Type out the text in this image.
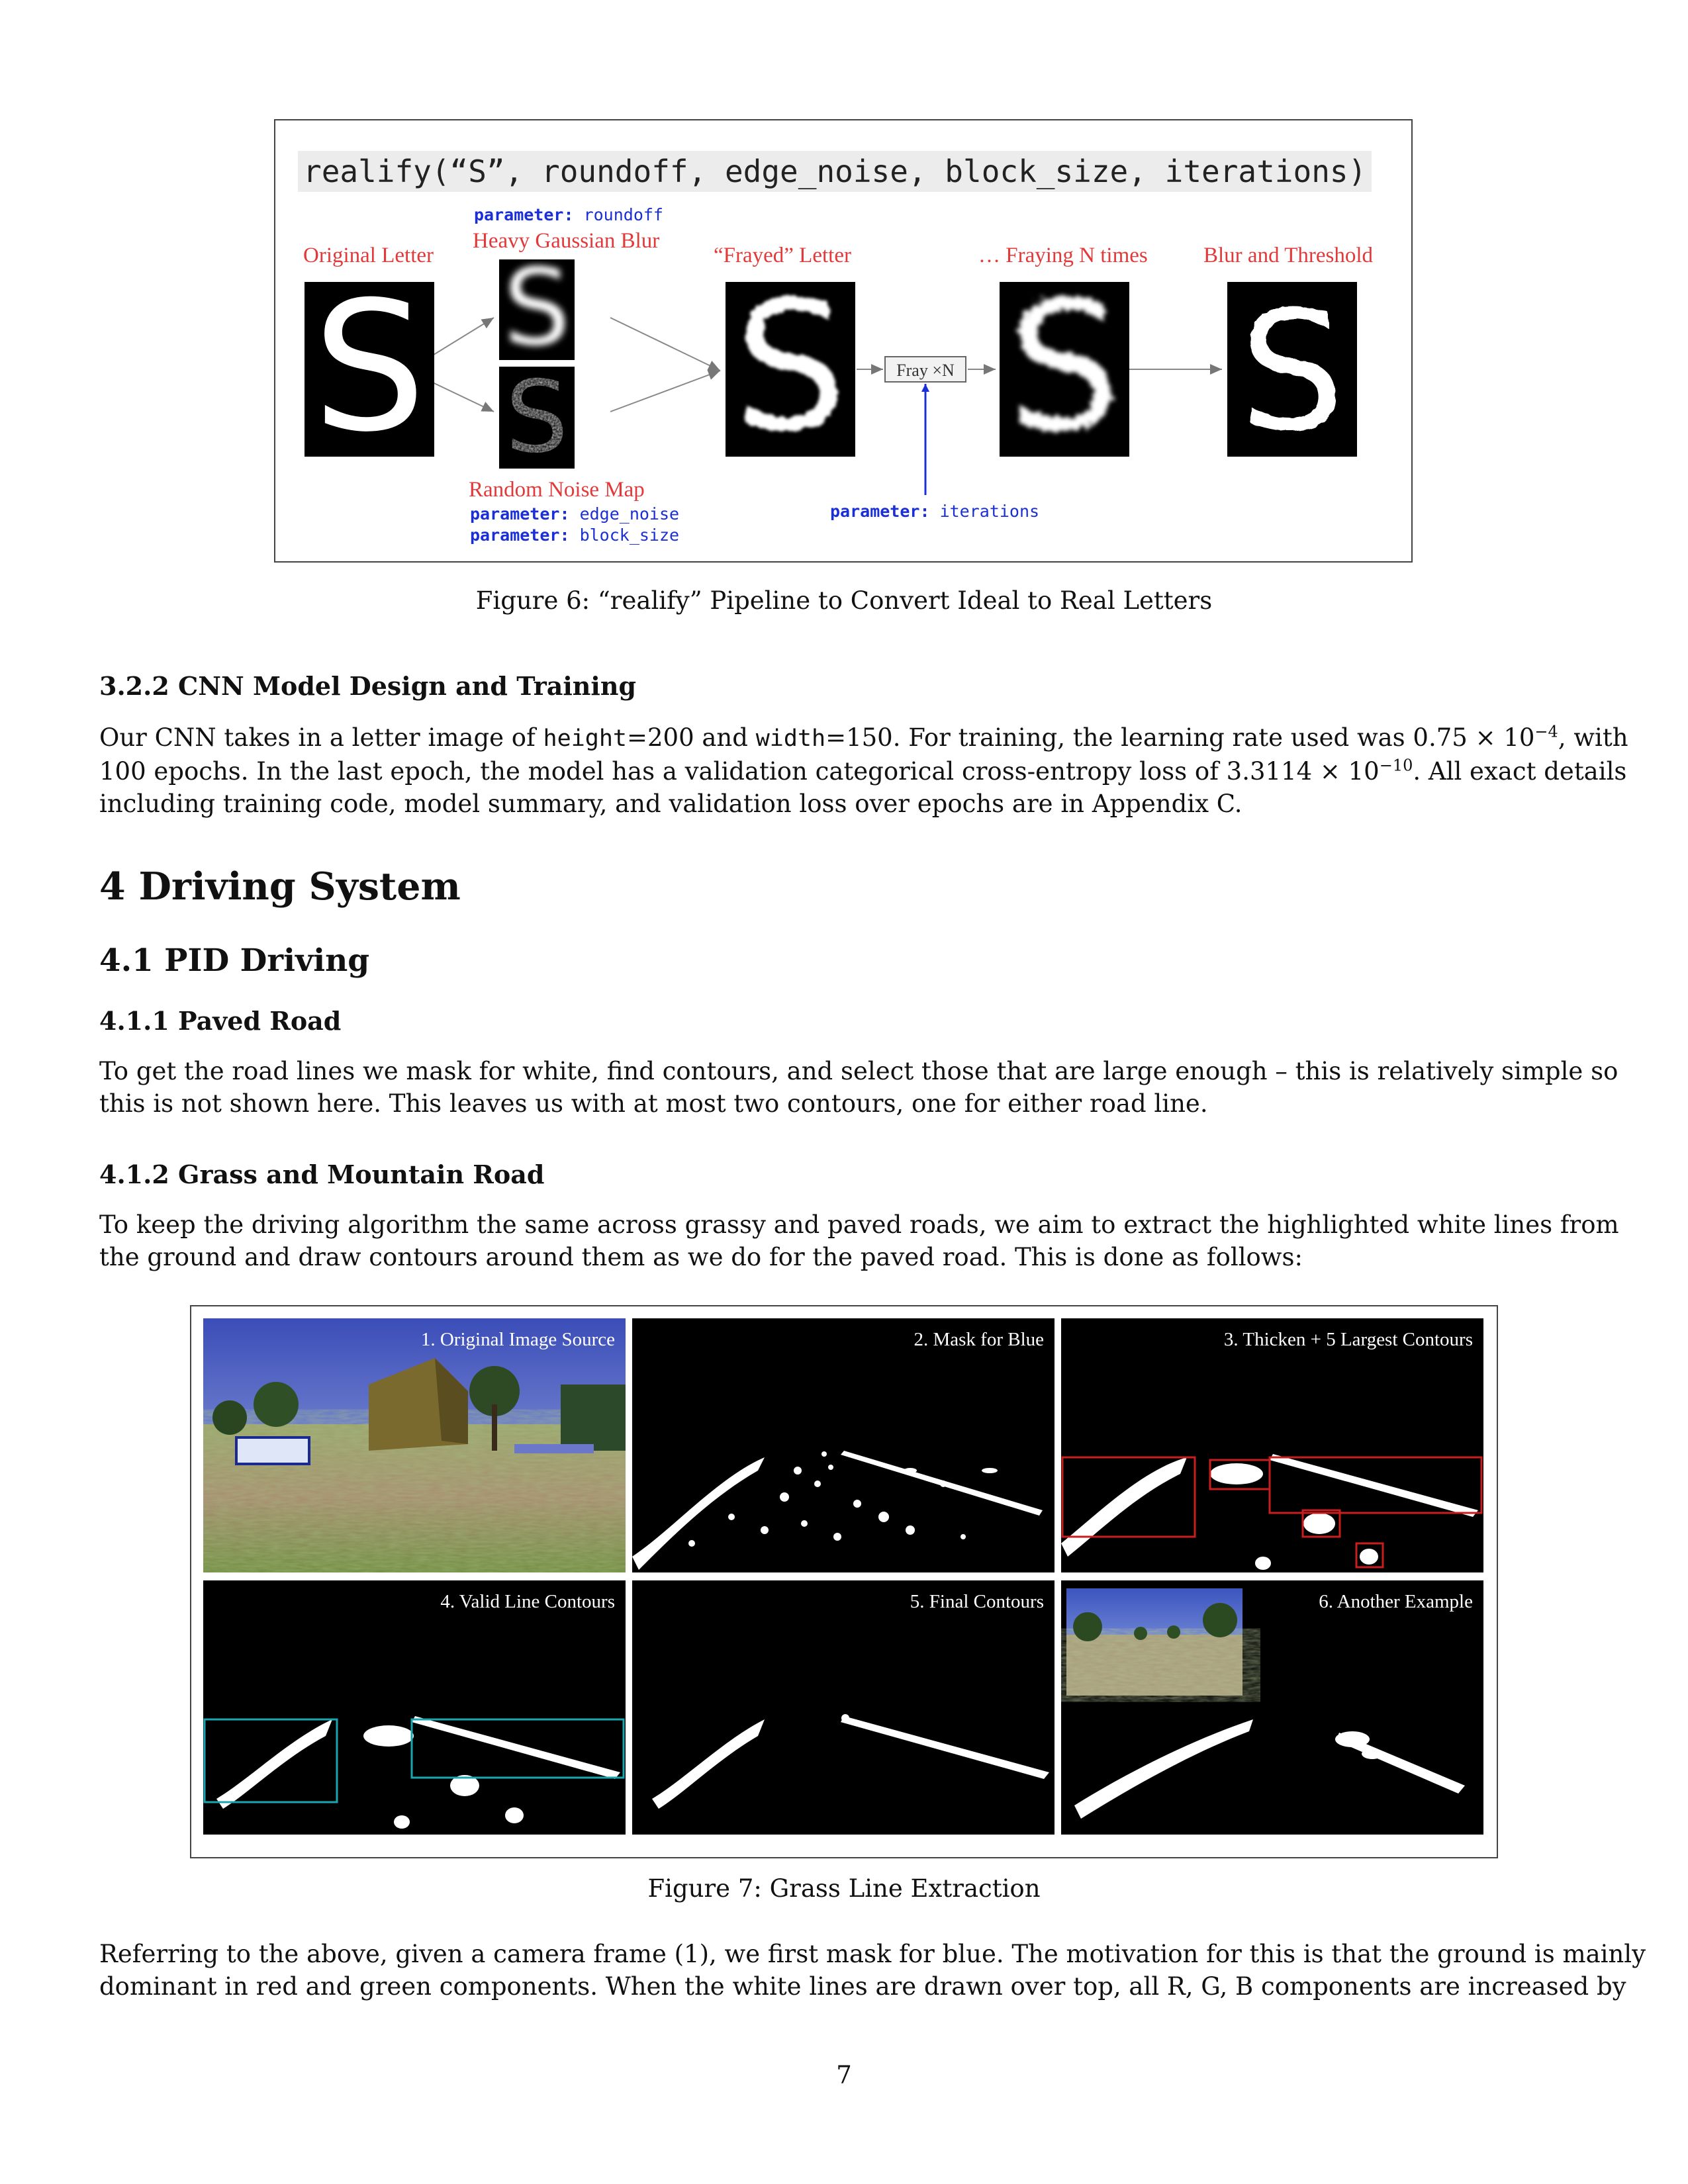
realify(“S”, roundoff, edge_noise, block_size, iterations)
parameter: roundoff
Heavy Gaussian Blur
Original Letter	“Frayed” Letter	… Fraying N times	Blur and Threshold
S S S	Fray ×N S S
Random Noise Map
parameter: edge_noise
parameter: block_size
parameter: iterations
Figure 6: “realify” Pipeline to Convert Ideal to Real Letters
3.2.2 CNN Model Design and Training
Our CNN takes in a letter image of height=200 and width=150. For training, the learning rate used was $0.75 \times 10^{-4}$, with
100 epochs. In the last epoch, the model has a validation categorical cross-entropy loss of $3.3114 \times 10^{-10}$. All exact details
including training code, model summary, and validation loss over epochs are in Appendix C.
4 Driving System
4.1 PID Driving
4.1.1 Paved Road
To get the road lines we mask for white, find contours, and select those that are large enough – this is relatively simple so
this is not shown here. This leaves us with at most two contours, one for either road line.
4.1.2 Grass and Mountain Road
To keep the driving algorithm the same across grassy and paved roads, we aim to extract the highlighted white lines from
the ground and draw contours around them as we do for the paved road. This is done as follows:
1. Original Image Source	2. Mask for Blue	3. Thicken + 5 Largest Contours
4. Valid Line Contours	5. Final Contours	6. Another Example
Figure 7: Grass Line Extraction
Referring to the above, given a camera frame (1), we first mask for blue. The motivation for this is that the ground is mainly
dominant in red and green components. When the white lines are drawn over top, all R, G, B components are increased by
7
